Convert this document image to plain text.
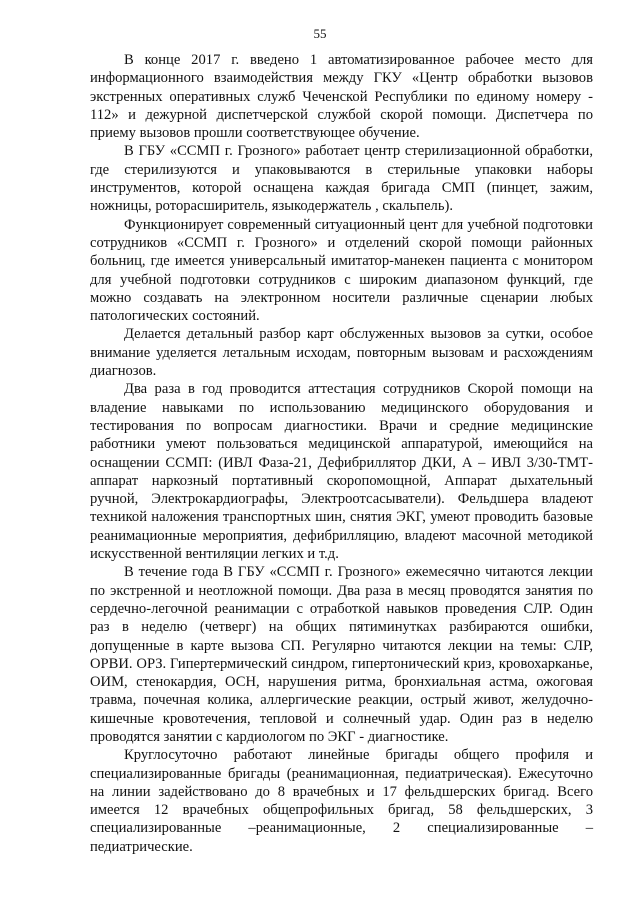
55

В конце 2017 г. введено 1 автоматизированное рабочее место для информационного взаимодействия между ГКУ «Центр обработки вызовов экстренных оперативных служб Чеченской Республики по единому номеру - 112» и дежурной диспетчерской службой скорой помощи. Диспетчера по приему вызовов прошли соответствующее обучение.

В ГБУ «ССМП г. Грозного» работает центр стерилизационной обработки, где стерилизуются и упаковываются в стерильные упаковки наборы инструментов, которой оснащена каждая бригада СМП (пинцет, зажим, ножницы, роторасширитель, языкодержатель , скальпель).

Функционирует современный ситуационный цент для учебной подготовки сотрудников «ССМП г. Грозного» и отделений скорой помощи районных больниц, где имеется универсальный имитатор-манекен пациента с монитором для учебной подготовки сотрудников с широким диапазоном функций, где можно создавать на электронном носители различные сценарии любых патологических состояний.

Делается детальный разбор карт обслуженных вызовов за сутки, особое внимание уделяется летальным исходам, повторным вызовам и расхождениям диагнозов.

Два раза в год проводится аттестация сотрудников Скорой помощи на владение навыками по использованию медицинского оборудования и тестирования по вопросам диагностики. Врачи и средние медицинские работники умеют пользоваться медицинской аппаратурой, имеющийся на оснащении ССМП: (ИВЛ Фаза-21, Дефибриллятор ДКИ, А – ИВЛ 3/30-ТМТ- аппарат наркозный портативный скоропомощной, Аппарат дыхательный ручной, Электрокардиографы, Электроотсасыватели). Фельдшера владеют техникой наложения транспортных шин, снятия ЭКГ, умеют проводить базовые реанимационные мероприятия, дефибрилляцию, владеют масочной методикой искусственной вентиляции легких и т.д.

В течение года В ГБУ «ССМП г. Грозного» ежемесячно читаются лекции по экстренной и неотложной помощи. Два раза в месяц проводятся занятия по сердечно-легочной реанимации с отработкой навыков проведения СЛР. Один раз в неделю (четверг) на общих пятиминутках разбираются ошибки, допущенные в карте вызова СП. Регулярно читаются лекции на темы: СЛР, ОРВИ. ОРЗ. Гипертермический синдром, гипертонический криз, кровохарканье, ОИМ, стенокардия, ОСН, нарушения ритма, бронхиальная астма, ожоговая травма, почечная колика, аллергические реакции, острый живот, желудочно-кишечные кровотечения, тепловой и солнечный удар. Один раз в неделю проводятся занятии с кардиологом по ЭКГ - диагностике.

Круглосуточно работают линейные бригады общего профиля и специализированные бригады (реанимационная, педиатрическая). Ежесуточно на линии задействовано до 8 врачебных и 17 фельдшерских бригад. Всего имеется 12 врачебных общепрофильных бригад, 58 фельдшерских, 3 специализированные –реанимационные, 2 специализированные –педиатрические.
